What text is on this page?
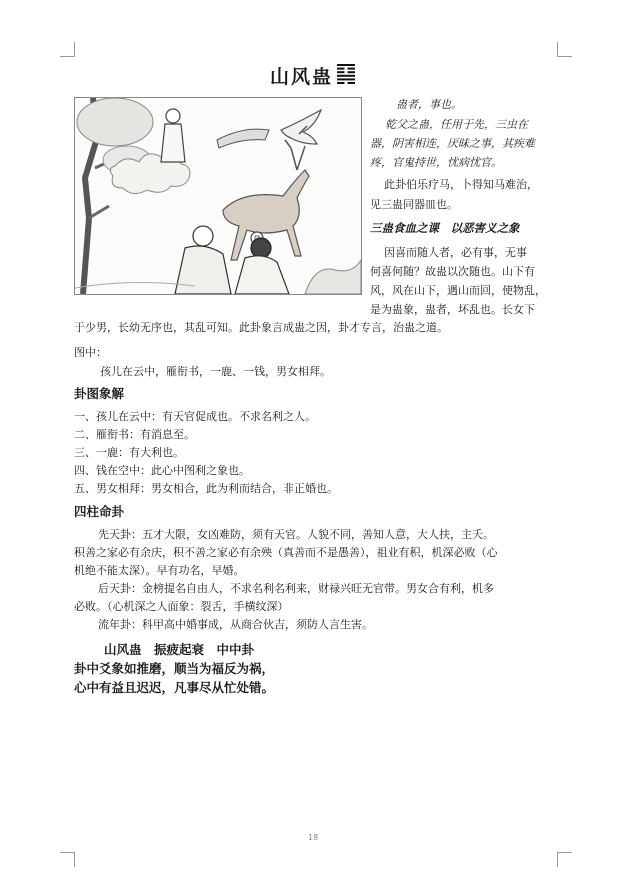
山风蛊
蛊者，事也。
乾父之蛊，任用于先，三虫在
器，阴害相连，厌昧之事，其疾难
疼，官鬼持世，忧病忧官。
此卦伯乐疗马，卜得知马难治，
见三蛊同器皿也。
三蛊食血之课　以恶害义之象
因喜而随人者，必有事，无事
何喜何随？故蛊以次随也。山下有
风，风在山下，遇山而回，使物乱，
是为蛊象，蛊者，坏乱也。长女下
于少男，长幼无序也，其乱可知。此卦象言成蛊之因，卦才专言，治蛊之道。
图中：
孩儿在云中，雁衔书，一鹿、一钱，男女相拜。
卦图象解
一、孩儿在云中：有天官促成也。不求名利之人。
二、雁衔书：有消息至。
三、一鹿：有大利也。
四、钱在空中：此心中图利之象也。
五、男女相拜：男女相合，此为利而结合，非正婚也。
四柱命卦
先天卦：五才大限，女凶难防，须有天官。人貌不同，善知人意，大人扶，主夭。
积善之家必有余庆，积不善之家必有余殃（真善而不是愚善），祖业有积，机深必败（心
机绝不能太深）。早有功名，早婚。
后天卦：金榜提名自由人，不求名利名利来，财禄兴旺无官带。男女合有利，机多
必败。（心机深之人面象：裂舌，手横纹深）
流年卦：科甲高中婚事成，从商合伙吉，须防人言生害。
山风蛊　振疲起衰　中中卦
卦中爻象如推磨，顺当为福反为祸，
心中有益且迟迟，凡事尽从忙处错。
18
